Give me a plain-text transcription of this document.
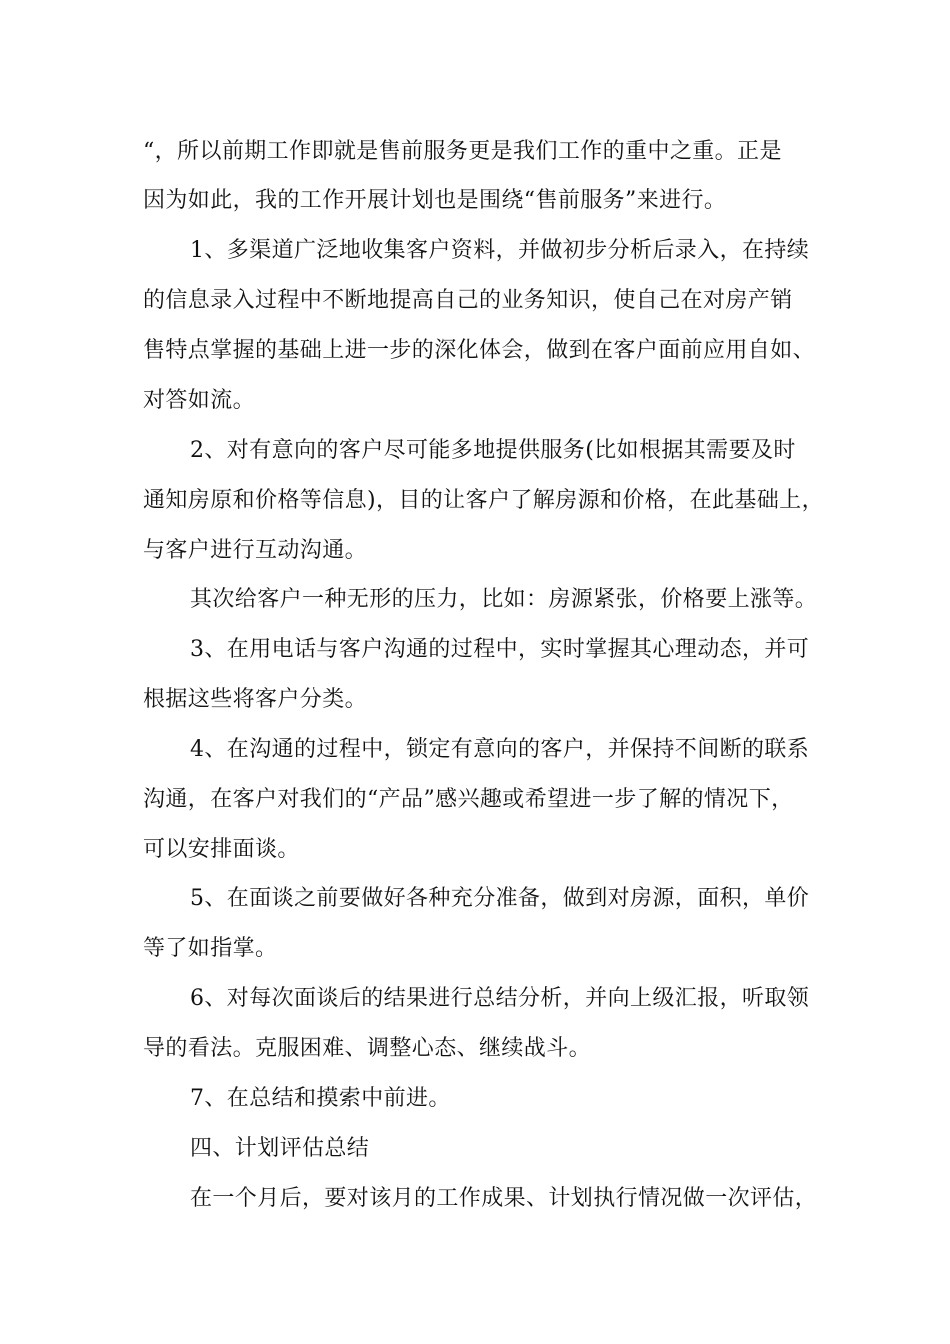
“，所以前期工作即就是售前服务更是我们工作的重中之重。正是
因为如此，我的工作开展计划也是围绕“售前服务”来进行。
1、多渠道广泛地收集客户资料，并做初步分析后录入，在持续
的信息录入过程中不断地提高自己的业务知识，使自己在对房产销
售特点掌握的基础上进一步的深化体会，做到在客户面前应用自如、
对答如流。
2、对有意向的客户尽可能多地提供服务(比如根据其需要及时
通知房原和价格等信息)，目的让客户了解房源和价格，在此基础上，
与客户进行互动沟通。
其次给客户一种无形的压力，比如：房源紧张，价格要上涨等。
3、在用电话与客户沟通的过程中，实时掌握其心理动态，并可
根据这些将客户分类。
4、在沟通的过程中，锁定有意向的客户，并保持不间断的联系
沟通，在客户对我们的“产品”感兴趣或希望进一步了解的情况下，
可以安排面谈。
5、在面谈之前要做好各种充分准备，做到对房源，面积，单价
等了如指掌。
6、对每次面谈后的结果进行总结分析，并向上级汇报，听取领
导的看法。克服困难、调整心态、继续战斗。
7、在总结和摸索中前进。
四、计划评估总结
在一个月后，要对该月的工作成果、计划执行情况做一次评估，
